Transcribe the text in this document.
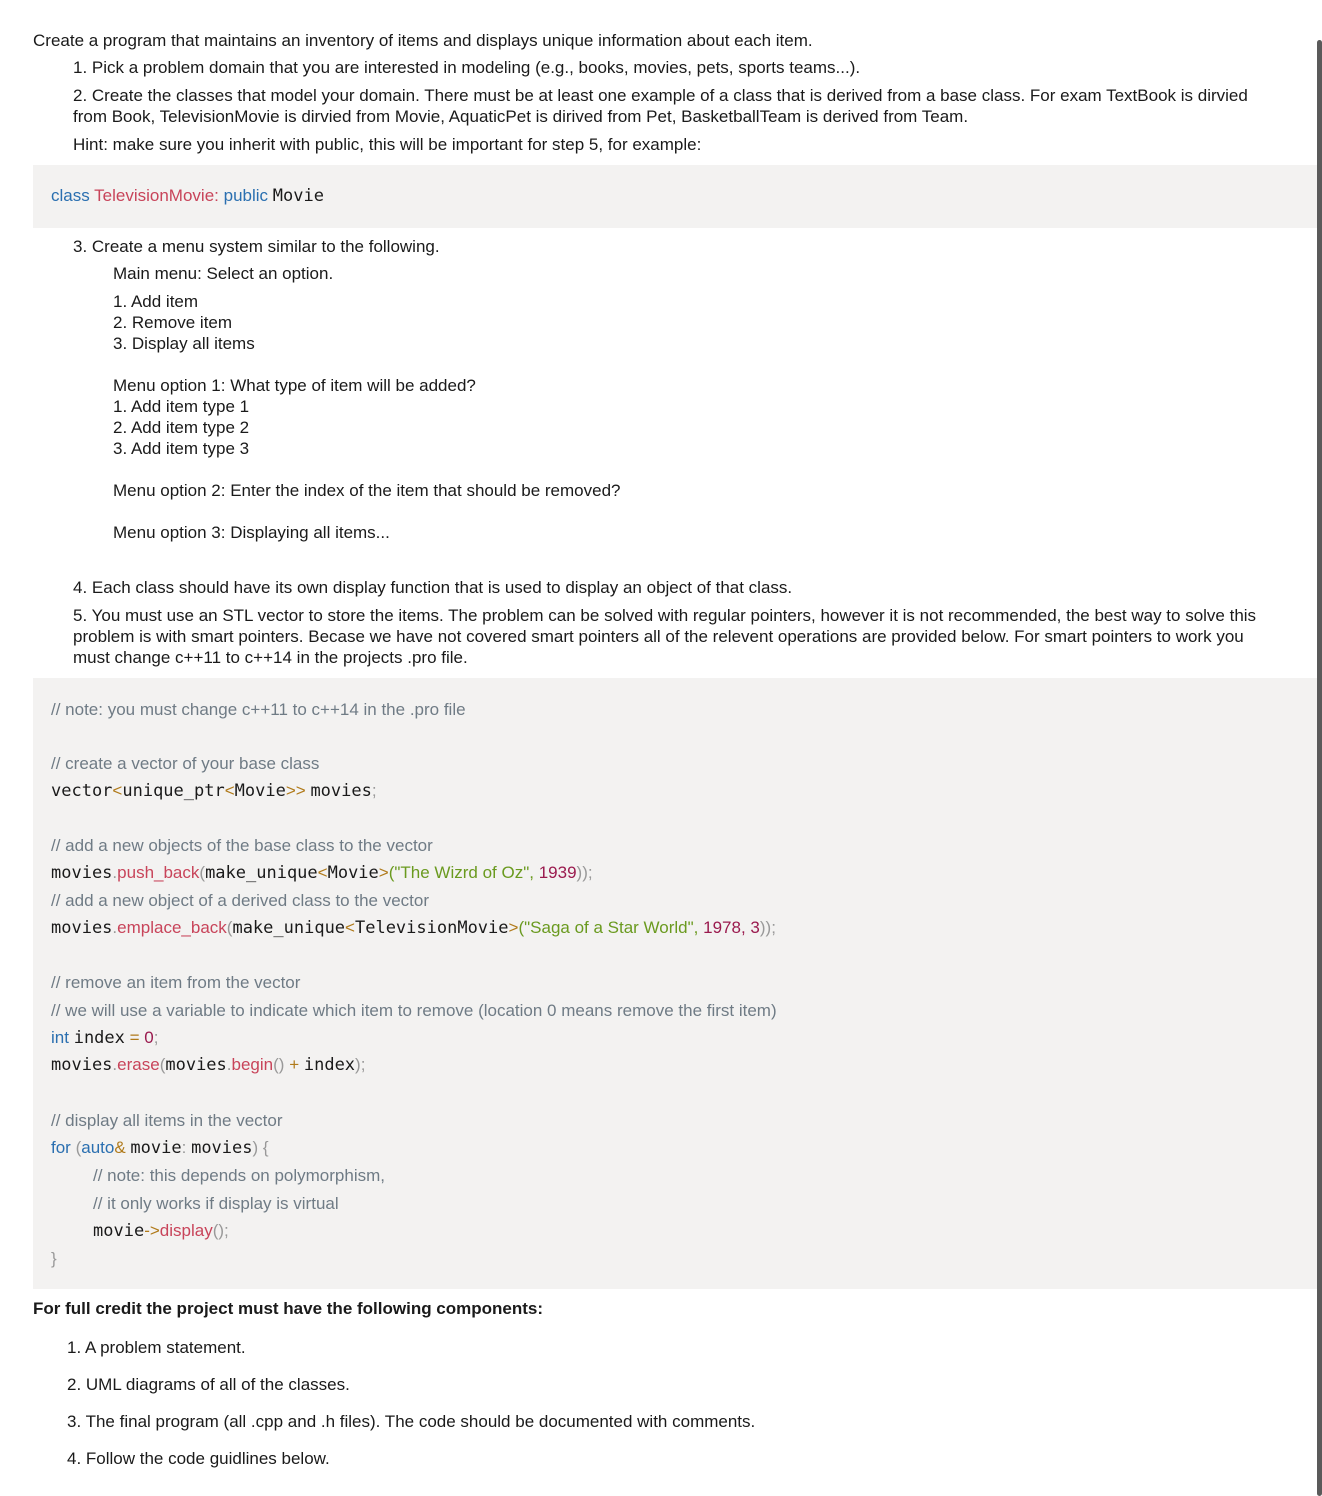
Create a program that maintains an inventory of items and displays unique information about each item.
1. Pick a problem domain that you are interested in modeling (e.g., books, movies, pets, sports teams...).
2. Create the classes that model your domain. There must be at least one example of a class that is derived from a base class. For exam TextBook is dirvied
from Book, TelevisionMovie is dirvied from Movie, AquaticPet is dirived from Pet, BasketballTeam is derived from Team.
Hint: make sure you inherit with public, this will be important for step 5, for example:
class TelevisionMovie: public Movie
3. Create a menu system similar to the following.
Main menu: Select an option.
1. Add item
2. Remove item
3. Display all items
Menu option 1: What type of item will be added?
1. Add item type 1
2. Add item type 2
3. Add item type 3
Menu option 2: Enter the index of the item that should be removed?
Menu option 3: Displaying all items...
4. Each class should have its own display function that is used to display an object of that class.
5. You must use an STL vector to store the items. The problem can be solved with regular pointers, however it is not recommended, the best way to solve this
problem is with smart pointers. Becase we have not covered smart pointers all of the relevent operations are provided below. For smart pointers to work you
must change c++11 to c++14 in the projects .pro file.
// note: you must change c++11 to c++14 in the .pro file
// create a vector of your base class
vector<unique_ptr<Movie>> movies;
// add a new objects of the base class to the vector
movies.push_back(make_unique<Movie>("The Wizrd of Oz", 1939));
// add a new object of a derived class to the vector
movies.emplace_back(make_unique<TelevisionMovie>("Saga of a Star World", 1978, 3));
// remove an item from the vector
// we will use a variable to indicate which item to remove (location 0 means remove the first item)
int index = 0;
movies.erase(movies.begin() + index);
// display all items in the vector
for (auto& movie: movies) {
// note: this depends on polymorphism,
// it only works if display is virtual
movie->display();
}
For full credit the project must have the following components:
1. A problem statement.
2. UML diagrams of all of the classes.
3. The final program (all .cpp and .h files). The code should be documented with comments.
4. Follow the code guidlines below.
